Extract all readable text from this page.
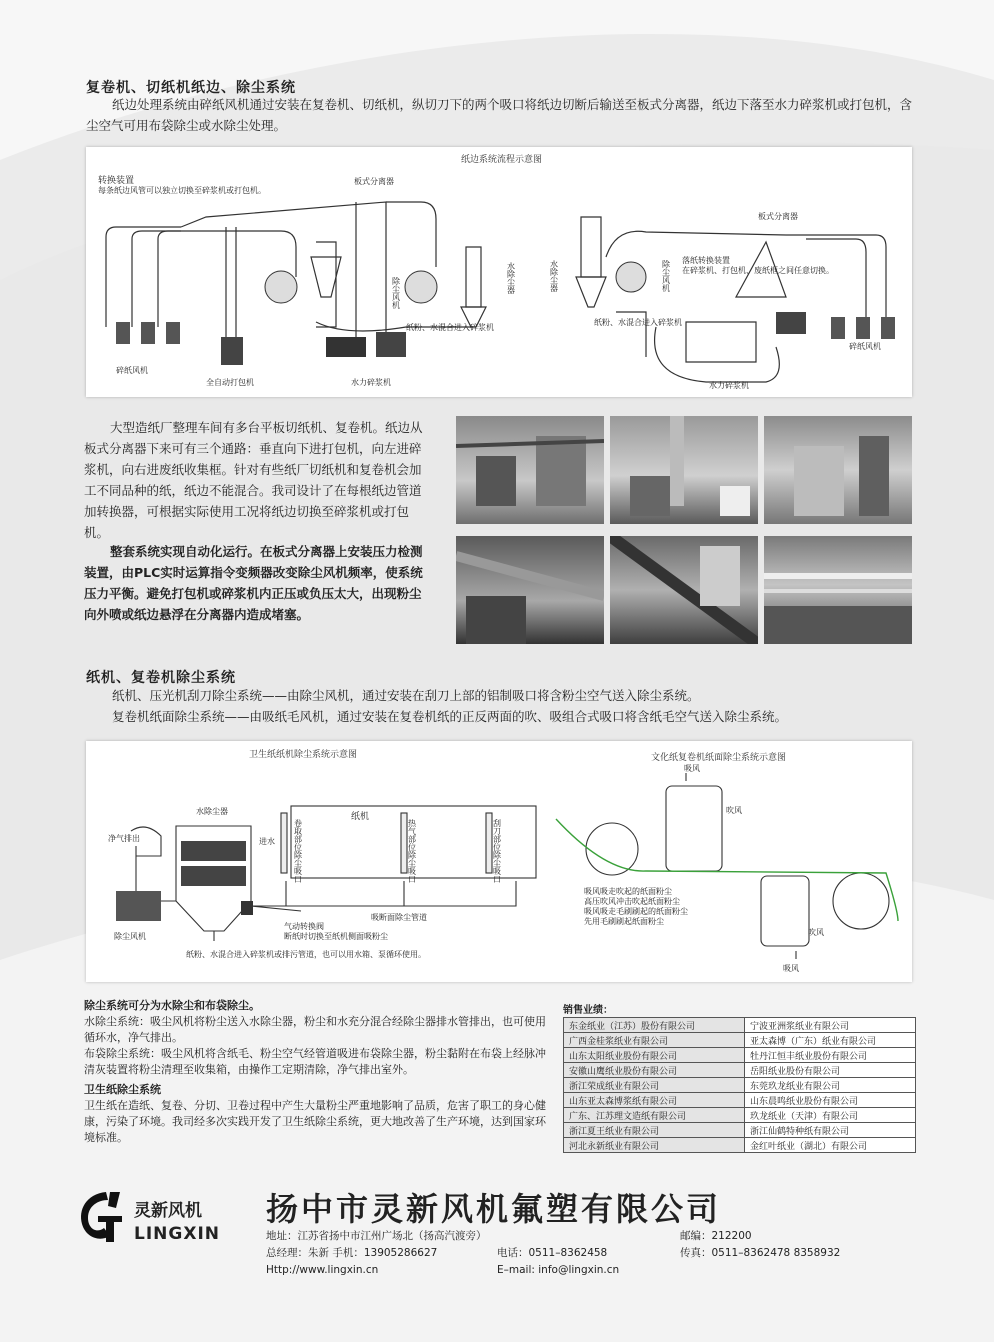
复卷机、切纸机纸边、除尘系统
纸边处理系统由碎纸风机通过安装在复卷机、切纸机，纵切刀下的两个吸口将纸边切断后输送至板式分离器，纸边下落至水力碎浆机或打包机，含尘空气可用布袋除尘或水除尘处理。
纸边系统流程示意图
转换装置
每条纸边风管可以独立切换至碎浆机或打包机。
板式分离器
除尘风机	水除尘器
纸粉、水混合进入碎浆机
碎纸风机
全自动打包机	水力碎浆机
水除尘器	除尘风机
板式分离器
落纸转换装置
在碎浆机、打包机、废纸框之间任意切换。
纸粉、水混合进入碎浆机
碎纸风机
水力碎浆机
大型造纸厂整理车间有多台平板切纸机、复卷机。纸边从板式分离器下来可有三个通路：垂直向下进打包机，向左进碎浆机，向右进废纸收集框。针对有些纸厂切纸机和复卷机会加工不同品种的纸，纸边不能混合。我司设计了在每根纸边管道加转换器，可根据实际使用工况将纸边切换至碎浆机或打包机。
整套系统实现自动化运行。在板式分离器上安装压力检测装置，由PLC实时运算指令变频器改变除尘风机频率，使系统压力平衡。避免打包机或碎浆机内正压或负压太大，出现粉尘向外喷或纸边悬浮在分离器内造成堵塞。
纸机、复卷机除尘系统
纸机、压光机刮刀除尘系统——由除尘风机，通过安装在刮刀上部的铝制吸口将含粉尘空气送入除尘系统。
复卷机纸面除尘系统——由吸纸毛风机，通过安装在复卷机纸的正反两面的吹、吸组合式吸口将含纸毛空气送入除尘系统。
卫生纸纸机除尘系统示意图
水除尘器
净气排出	进水
纸机
卷取部位除尘吸口	热气部位除尘吸口	刮刀部位除尘吸口
吸断面除尘管道
气动转换阀
断纸时切换至纸机侧面吸粉尘
除尘风机
纸粉、水混合进入碎浆机或排污管道，也可以用水箱、泵循环使用。
文化纸复卷机纸面除尘系统示意图
吸风
吹风
吸风吸走吹起的纸面粉尘
高压吹风冲击吹起纸面粉尘
吸风吸走毛刷刷起的纸面粉尘
先用毛刷刷起纸面粉尘
吹风
吸风
除尘系统可分为水除尘和布袋除尘。
水除尘系统：吸尘风机将粉尘送入水除尘器，粉尘和水充分混合经除尘器排水管排出，也可使用循环水，净气排出。
布袋除尘系统：吸尘风机将含纸毛、粉尘空气经管道吸进布袋除尘器，粉尘黏附在布袋上经脉冲清灰装置将粉尘清理至收集箱，由操作工定期清除，净气排出室外。
卫生纸除尘系统
卫生纸在造纸、复卷、分切、卫卷过程中产生大量粉尘严重地影响了品质，危害了职工的身心健康，污染了环境。我司经多次实践开发了卫生纸除尘系统，更大地改善了生产环境，达到国家环境标准。
销售业绩：
东金纸业（江苏）股份有限公司	宁波亚洲浆纸业有限公司
广西金桂浆纸业有限公司	亚太森博（广东）纸业有限公司
山东太阳纸业股份有限公司	牡丹江恒丰纸业股份有限公司
安徽山鹰纸业股份有限公司	岳阳纸业股份有限公司
浙江荣成纸业有限公司	东莞玖龙纸业有限公司
山东亚太森博浆纸有限公司	山东晨鸣纸业股份有限公司
广东、江苏理文造纸有限公司	玖龙纸业（天津）有限公司
浙江夏王纸业有限公司	浙江仙鹤特种纸有限公司
河北永新纸业有限公司	金红叶纸业（湖北）有限公司
灵新风机
LINGXIN
扬中市灵新风机氟塑有限公司
地址：江苏省扬中市江州广场北（扬高汽渡旁）
总经理：朱新 手机：13905286627
Http://www.lingxin.cn
电话：0511–8362458
E–mail: info@lingxin.cn
邮编：212200
传真：0511–8362478 8358932
